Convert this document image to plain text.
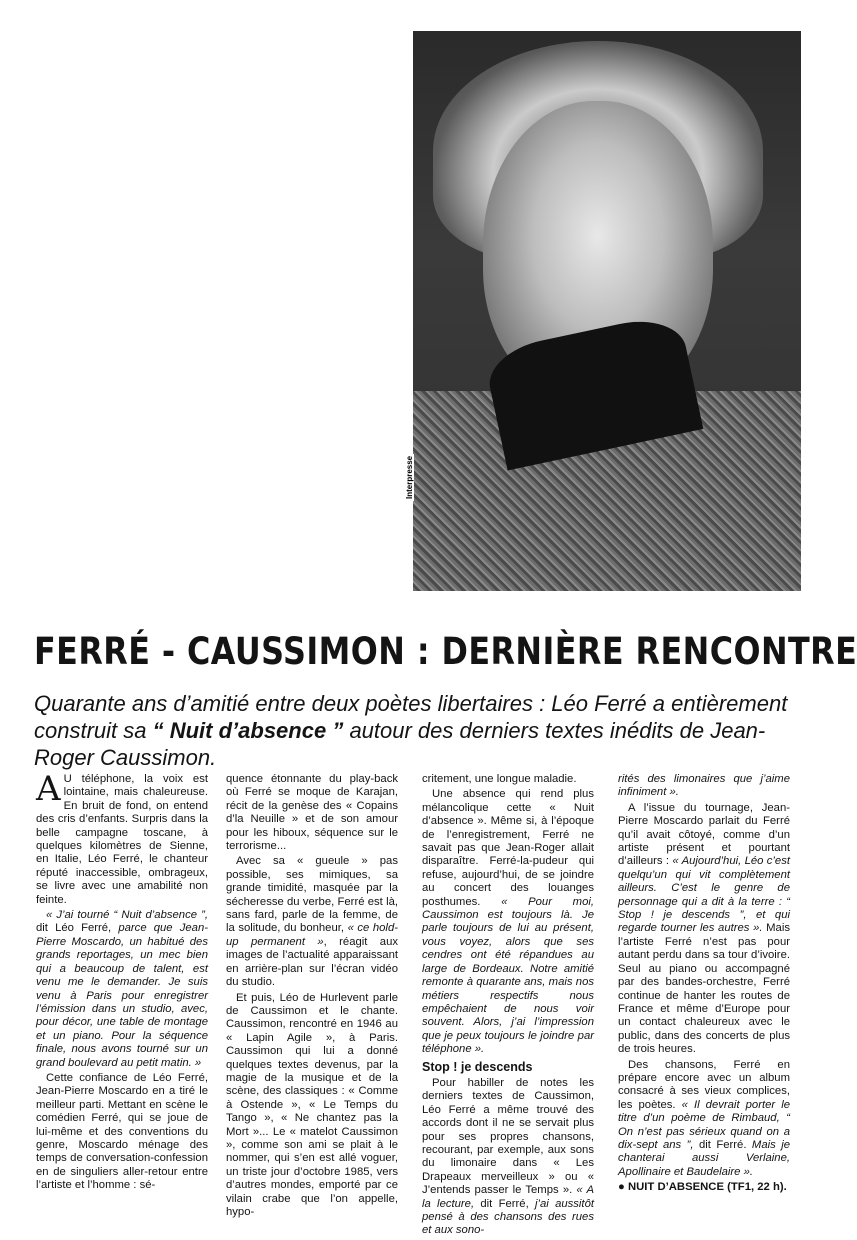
Interpresse
FERRÉ - CAUSSIMON : DERNIÈRE RENCONTRE
Quarante ans d’amitié entre deux poètes libertaires : Léo Ferré a entièrement construit sa “ Nuit d’absence ” autour des derniers textes inédits de Jean-Roger Caussimon.

A U téléphone, la voix est lointaine, mais chaleureuse. En bruit de fond, on entend des cris d’enfants. Surpris dans la belle campagne toscane, à quelques kilomètres de Sienne, en Italie, Léo Ferré, le chanteur réputé inaccessible, ombrageux, se livre avec une amabilité non feinte.

« J’ai tourné “ Nuit d’absence ”, dit Léo Ferré, parce que Jean-Pierre Moscardo, un habitué des grands reportages, un mec bien qui a beaucoup de talent, est venu me le demander. Je suis venu à Paris pour enregistrer l’émission dans un studio, avec, pour décor, une table de montage et un piano. Pour la séquence finale, nous avons tourné sur un grand boulevard au petit matin. »

Cette confiance de Léo Ferré, Jean-Pierre Moscardo en a tiré le meilleur parti. Mettant en scène le comédien Ferré, qui se joue de lui-même et des conventions du genre, Moscardo ménage des temps de conversation-confession en de singuliers aller-retour entre l’artiste et l’homme : sé-

quence étonnante du play-back où Ferré se moque de Karajan, récit de la genèse des « Copains d’la Neuille » et de son amour pour les hiboux, séquence sur le terrorisme...

Avec sa « gueule » pas possible, ses mimiques, sa grande timidité, masquée par la sécheresse du verbe, Ferré est là, sans fard, parle de la femme, de la solitude, du bonheur, « ce hold-up permanent », réagit aux images de l’actualité apparaissant en arrière-plan sur l’écran vidéo du studio.

Et puis, Léo de Hurlevent parle de Caussimon et le chante. Caussimon, rencontré en 1946 au « Lapin Agile », à Paris. Caussimon qui lui a donné quelques textes devenus, par la magie de la musique et de la scène, des classiques : « Comme à Ostende », « Le Temps du Tango », « Ne chantez pas la Mort »... Le « matelot Caussimon », comme son ami se plait à le nommer, qui s’en est allé voguer, un triste jour d’octobre 1985, vers d’autres mondes, emporté par ce vilain crabe que l’on appelle, hypo-

critement, une longue maladie.

Une absence qui rend plus mélancolique cette « Nuit d’absence ». Même si, à l’époque de l’enregistrement, Ferré ne savait pas que Jean-Roger allait disparaître. Ferré-la-pudeur qui refuse, aujourd’hui, de se joindre au concert des louanges posthumes. « Pour moi, Caussimon est toujours là. Je parle toujours de lui au présent, vous voyez, alors que ses cendres ont été répandues au large de Bordeaux. Notre amitié remonte à quarante ans, mais nos métiers respectifs nous empêchaient de nous voir souvent. Alors, j’ai l’impression que je peux toujours le joindre par téléphone ».

Stop ! je descends

Pour habiller de notes les derniers textes de Caussimon, Léo Ferré a même trouvé des accords dont il ne se servait plus pour ses propres chansons, recourant, par exemple, aux sons du limonaire dans « Les Drapeaux merveilleux » ou « J’entends passer le Temps ». « A la lecture, dit Ferré, j’ai aussitôt pensé à des chansons des rues et aux sono-

rités des limonaires que j’aime infiniment ».

A l’issue du tournage, Jean-Pierre Moscardo parlait du Ferré qu’il avait côtoyé, comme d’un artiste présent et pourtant d’ailleurs : « Aujourd’hui, Léo c’est quelqu’un qui vit complètement ailleurs. C’est le genre de personnage qui a dit à la terre : “ Stop ! je descends ”, et qui regarde tourner les autres ». Mais l’artiste Ferré n’est pas pour autant perdu dans sa tour d’ivoire. Seul au piano ou accompagné par des bandes-orchestre, Ferré continue de hanter les routes de France et même d’Europe pour un contact chaleureux avec le public, dans des concerts de plus de trois heures.

Des chansons, Ferré en prépare encore avec un album consacré à ses vieux complices, les poètes. « Il devrait porter le titre d’un poème de Rimbaud, “ On n’est pas sérieux quand on a dix-sept ans ”, dit Ferré. Mais je chanterai aussi Verlaine, Apollinaire et Baudelaire ».

● NUIT D’ABSENCE (TF1, 22 h).
